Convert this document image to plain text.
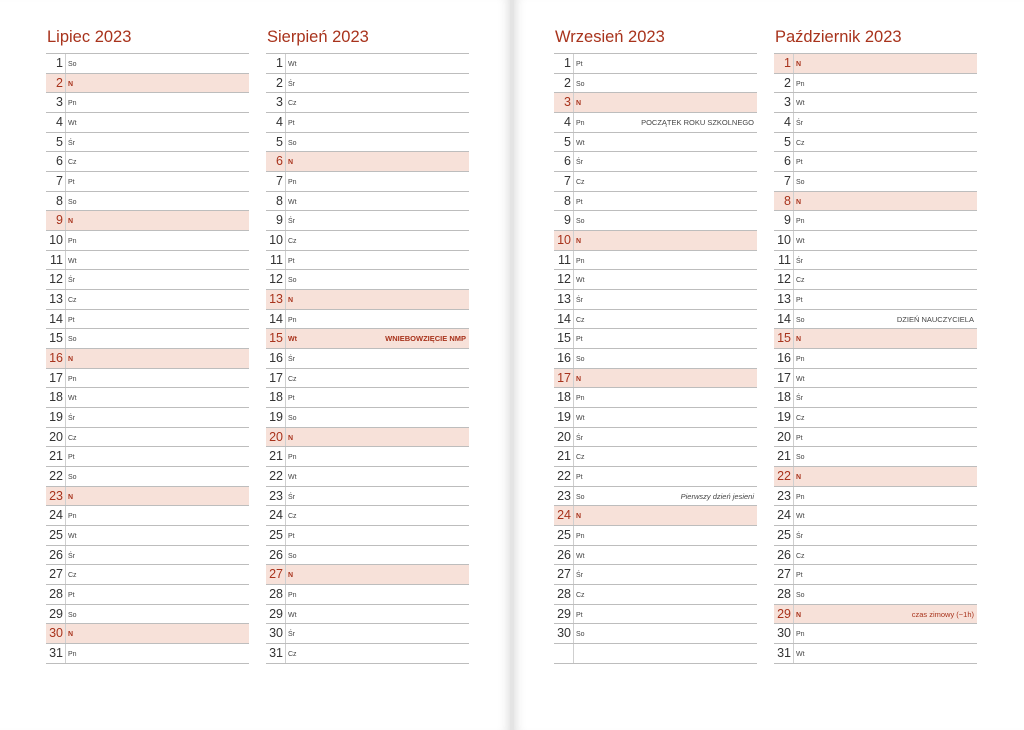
Lipiec 2023
1 So
2 N
3 Pn
4 Wt
5 Śr
6 Cz
7 Pt
8 So
9 N
10 Pn
11 Wt
12 Śr
13 Cz
14 Pt
15 So
16 N
17 Pn
18 Wt
19 Śr
20 Cz
21 Pt
22 So
23 N
24 Pn
25 Wt
26 Śr
27 Cz
28 Pt
29 So
30 N
31 Pn
Sierpień 2023
1 Wt
2 Śr
3 Cz
4 Pt
5 So
6 N
7 Pn
8 Wt
9 Śr
10 Cz
11 Pt
12 So
13 N
14 Pn
15 Wt	WNIEBOWZIĘCIE NMP
16 Śr
17 Cz
18 Pt
19 So
20 N
21 Pn
22 Wt
23 Śr
24 Cz
25 Pt
26 So
27 N
28 Pn
29 Wt
30 Śr
31 Cz
Wrzesień 2023
1 Pt
2 So
3 N
4 Pn	POCZĄTEK ROKU SZKOLNEGO
5 Wt
6 Śr
7 Cz
8 Pt
9 So
10 N
11 Pn
12 Wt
13 Śr
14 Cz
15 Pt
16 So
17 N
18 Pn
19 Wt
20 Śr
21 Cz
22 Pt
23 So	Pierwszy dzień jesieni
24 N
25 Pn
26 Wt
27 Śr
28 Cz
29 Pt
30 So
Październik 2023
1 N
2 Pn
3 Wt
4 Śr
5 Cz
6 Pt
7 So
8 N
9 Pn
10 Wt
11 Śr
12 Cz
13 Pt
14 So	DZIEŃ NAUCZYCIELA
15 N
16 Pn
17 Wt
18 Śr
19 Cz
20 Pt
21 So
22 N
23 Pn
24 Wt
25 Śr
26 Cz
27 Pt
28 So
29 N	czas zimowy (−1h)
30 Pn
31 Wt
